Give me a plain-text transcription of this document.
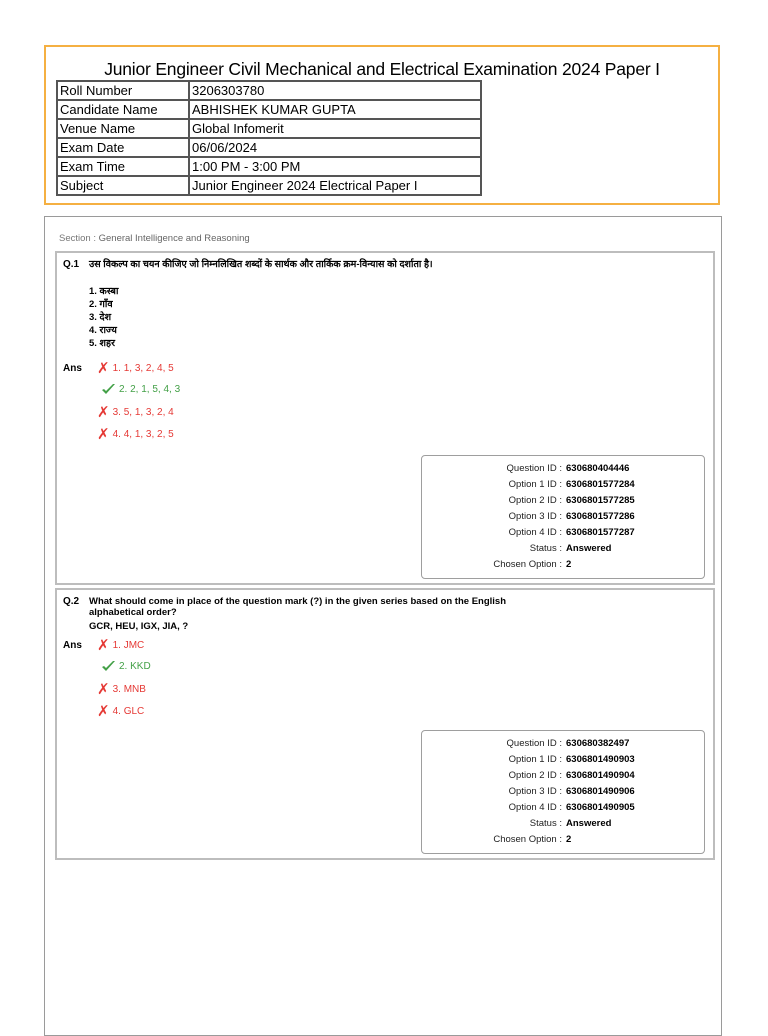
Junior Engineer Civil Mechanical and Electrical Examination 2024 Paper I
Roll Number	3206303780
Candidate Name	ABHISHEK KUMAR GUPTA
Venue Name	Global Infomerit
Exam Date	06/06/2024
Exam Time	1:00 PM - 3:00 PM
Subject	Junior Engineer 2024 Electrical Paper I
Section : General Intelligence and Reasoning
Q.1 उस विकल्प का चयन कीजिए जो निम्नलिखित शब्दों के सार्थक और तार्किक क्रम-विन्यास को दर्शाता है।
1. कस्बा
2. गाँव
3. देश
4. राज्य
5. शहर
Ans ✗ 1. 1, 3, 2, 4, 5
2. 2, 1, 5, 4, 3
✗ 3. 5, 1, 3, 2, 4
✗ 4. 4, 1, 3, 2, 5
Question ID : 630680404446
Option 1 ID : 6306801577284
Option 2 ID : 6306801577285
Option 3 ID : 6306801577286
Option 4 ID : 6306801577287
Status : Answered
Chosen Option : 2
Q.2 What should come in place of the question mark (?) in the given series based on the English alphabetical order?
GCR, HEU, IGX, JIA, ?
Ans ✗ 1. JMC
2. KKD
✗ 3. MNB
✗ 4. GLC
Question ID : 630680382497
Option 1 ID : 6306801490903
Option 2 ID : 6306801490904
Option 3 ID : 6306801490906
Option 4 ID : 6306801490905
Status : Answered
Chosen Option : 2
